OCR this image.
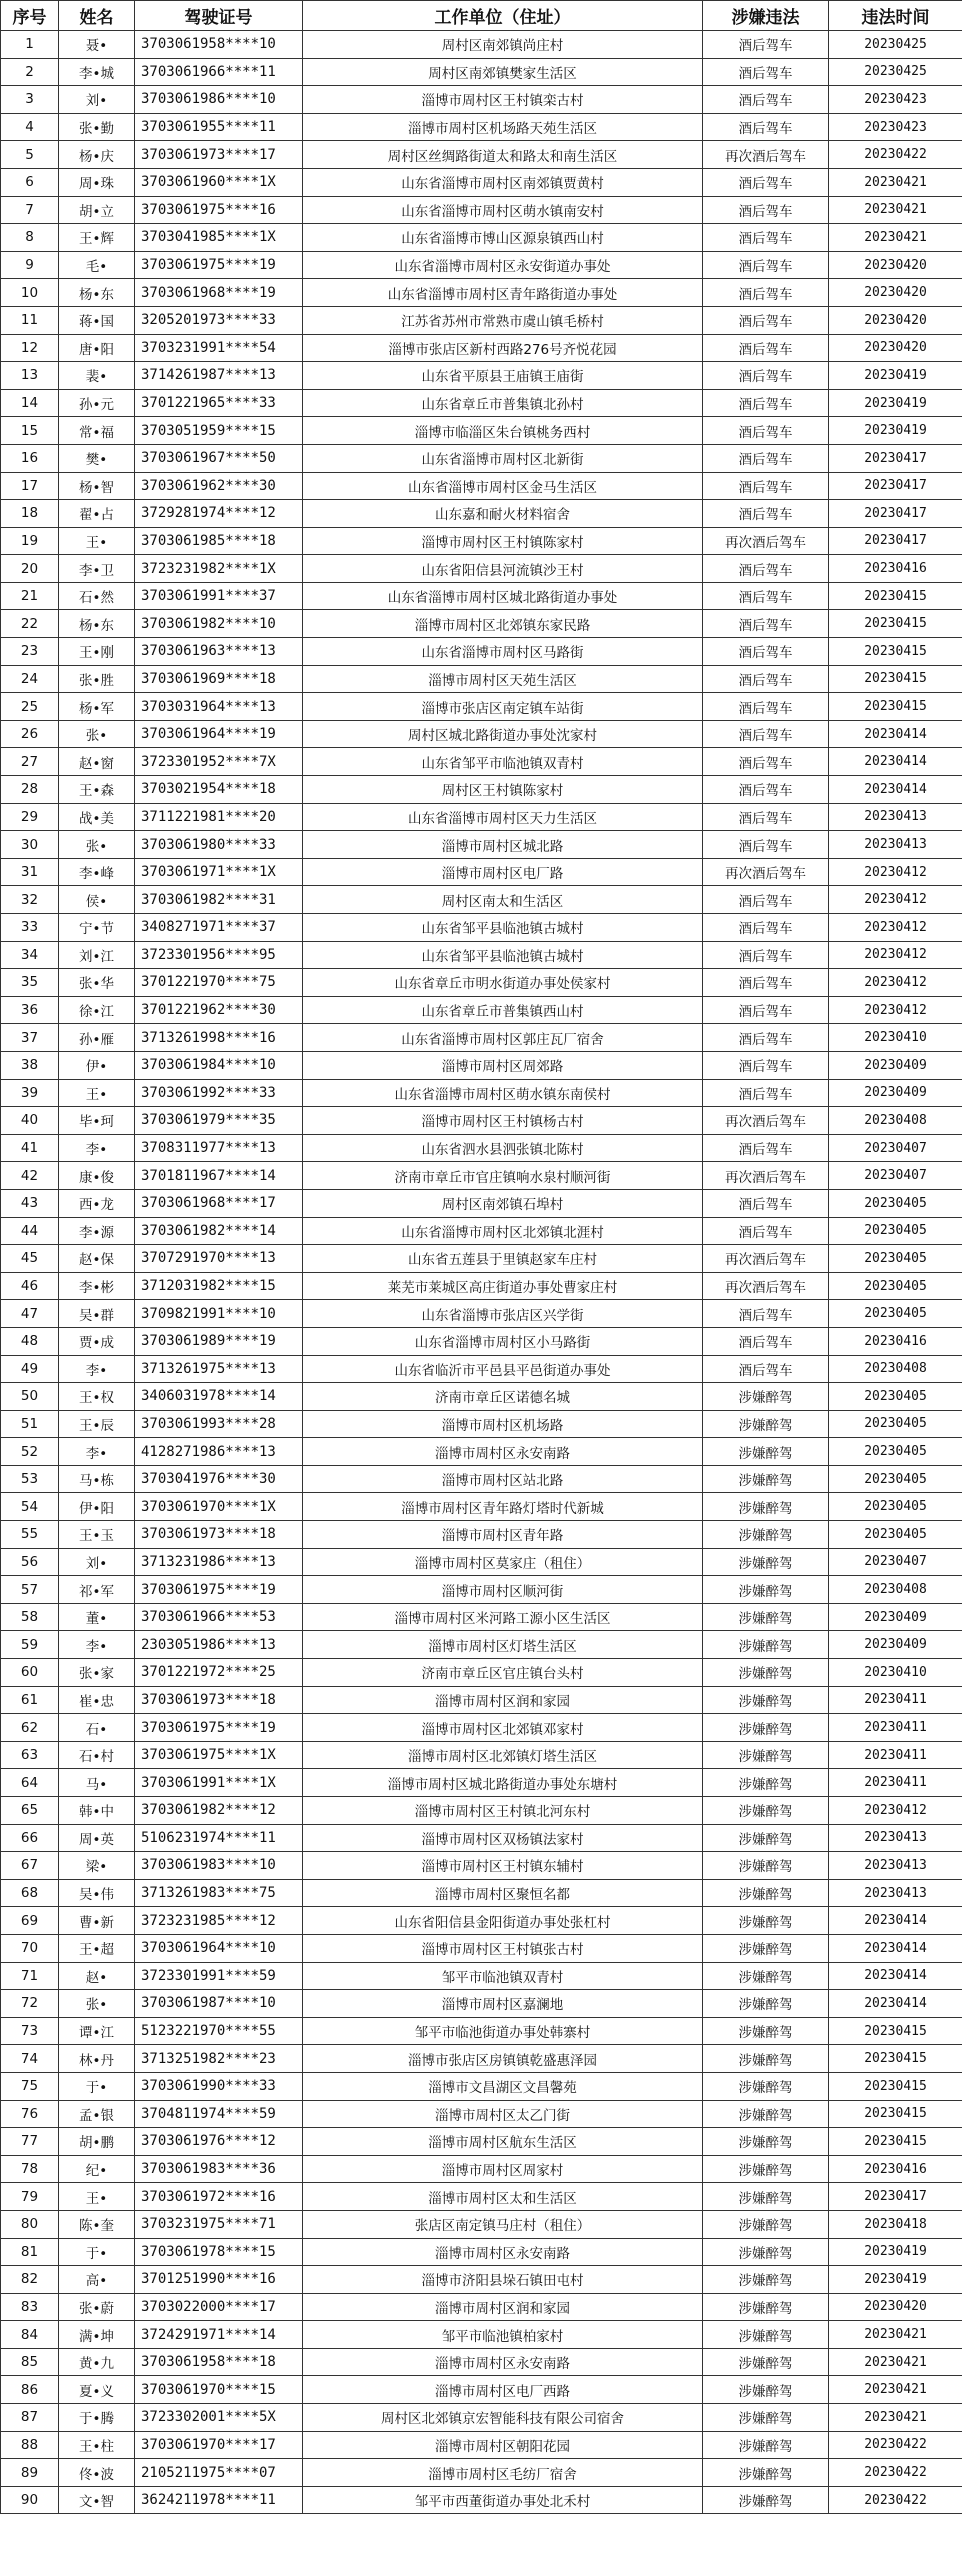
序号	姓名	驾驶证号	工作单位（住址）	涉嫌违法	违法时间
1	聂•	3703061958****10	周村区南郊镇尚庄村	酒后驾车	20230425
2	李•城	3703061966****11	周村区南郊镇樊家生活区	酒后驾车	20230425
3	刘•	3703061986****10	淄博市周村区王村镇栾古村	酒后驾车	20230423
4	张•勤	3703061955****11	淄博市周村区机场路天苑生活区	酒后驾车	20230423
5	杨•庆	3703061973****17	周村区丝绸路街道太和路太和南生活区	再次酒后驾车	20230422
6	周•珠	3703061960****1X	山东省淄博市周村区南郊镇贾黄村	酒后驾车	20230421
7	胡•立	3703061975****16	山东省淄博市周村区萌水镇南安村	酒后驾车	20230421
8	王•辉	3703041985****1X	山东省淄博市博山区源泉镇西山村	酒后驾车	20230421
9	毛•	3703061975****19	山东省淄博市周村区永安街道办事处	酒后驾车	20230420
10	杨•东	3703061968****19	山东省淄博市周村区青年路街道办事处	酒后驾车	20230420
11	蒋•国	3205201973****33	江苏省苏州市常熟市虞山镇毛桥村	酒后驾车	20230420
12	唐•阳	3703231991****54	淄博市张店区新村西路276号齐悦花园	酒后驾车	20230420
13	裴•	3714261987****13	山东省平原县王庙镇王庙街	酒后驾车	20230419
14	孙•元	3701221965****33	山东省章丘市普集镇北孙村	酒后驾车	20230419
15	常•福	3703051959****15	淄博市临淄区朱台镇桃务西村	酒后驾车	20230419
16	樊•	3703061967****50	山东省淄博市周村区北新街	酒后驾车	20230417
17	杨•智	3703061962****30	山东省淄博市周村区金马生活区	酒后驾车	20230417
18	翟•占	3729281974****12	山东嘉和耐火材料宿舍	酒后驾车	20230417
19	王•	3703061985****18	淄博市周村区王村镇陈家村	再次酒后驾车	20230417
20	李•卫	3723231982****1X	山东省阳信县河流镇沙王村	酒后驾车	20230416
21	石•然	3703061991****37	山东省淄博市周村区城北路街道办事处	酒后驾车	20230415
22	杨•东	3703061982****10	淄博市周村区北郊镇东家民路	酒后驾车	20230415
23	王•刚	3703061963****13	山东省淄博市周村区马路街	酒后驾车	20230415
24	张•胜	3703061969****18	淄博市周村区天苑生活区	酒后驾车	20230415
25	杨•军	3703031964****13	淄博市张店区南定镇车站街	酒后驾车	20230415
26	张•	3703061964****19	周村区城北路街道办事处沈家村	酒后驾车	20230414
27	赵•窗	3723301952****7X	山东省邹平市临池镇双青村	酒后驾车	20230414
28	王•森	3703021954****18	周村区王村镇陈家村	酒后驾车	20230414
29	战•美	3711221981****20	山东省淄博市周村区天力生活区	酒后驾车	20230413
30	张•	3703061980****33	淄博市周村区城北路	酒后驾车	20230413
31	李•峰	3703061971****1X	淄博市周村区电厂路	再次酒后驾车	20230412
32	侯•	3703061982****31	周村区南太和生活区	酒后驾车	20230412
33	宁•节	3408271971****37	山东省邹平县临池镇古城村	酒后驾车	20230412
34	刘•江	3723301956****95	山东省邹平县临池镇古城村	酒后驾车	20230412
35	张•华	3701221970****75	山东省章丘市明水街道办事处侯家村	酒后驾车	20230412
36	徐•江	3701221962****30	山东省章丘市普集镇西山村	酒后驾车	20230412
37	孙•雁	3713261998****16	山东省淄博市周村区郭庄瓦厂宿舍	酒后驾车	20230410
38	伊•	3703061984****10	淄博市周村区周郊路	酒后驾车	20230409
39	王•	3703061992****33	山东省淄博市周村区萌水镇东南侯村	酒后驾车	20230409
40	毕•珂	3703061979****35	淄博市周村区王村镇杨古村	再次酒后驾车	20230408
41	李•	3708311977****13	山东省泗水县泗张镇北陈村	酒后驾车	20230407
42	康•俊	3701811967****14	济南市章丘市官庄镇响水泉村顺河街	再次酒后驾车	20230407
43	西•龙	3703061968****17	周村区南郊镇石埠村	酒后驾车	20230405
44	李•源	3703061982****14	山东省淄博市周村区北郊镇北涯村	酒后驾车	20230405
45	赵•保	3707291970****13	山东省五莲县于里镇赵家车庄村	再次酒后驾车	20230405
46	李•彬	3712031982****15	莱芜市莱城区高庄街道办事处曹家庄村	再次酒后驾车	20230405
47	吴•群	3709821991****10	山东省淄博市张店区兴学街	酒后驾车	20230405
48	贾•成	3703061989****19	山东省淄博市周村区小马路街	酒后驾车	20230416
49	李•	3713261975****13	山东省临沂市平邑县平邑街道办事处	酒后驾车	20230408
50	王•权	3406031978****14	济南市章丘区诺德名城	涉嫌醉驾	20230405
51	王•辰	3703061993****28	淄博市周村区机场路	涉嫌醉驾	20230405
52	李•	4128271986****13	淄博市周村区永安南路	涉嫌醉驾	20230405
53	马•栋	3703041976****30	淄博市周村区站北路	涉嫌醉驾	20230405
54	伊•阳	3703061970****1X	淄博市周村区青年路灯塔时代新城	涉嫌醉驾	20230405
55	王•玉	3703061973****18	淄博市周村区青年路	涉嫌醉驾	20230405
56	刘•	3713231986****13	淄博市周村区莫家庄（租住）	涉嫌醉驾	20230407
57	祁•军	3703061975****19	淄博市周村区顺河街	涉嫌醉驾	20230408
58	董•	3703061966****53	淄博市周村区米河路工源小区生活区	涉嫌醉驾	20230409
59	李•	2303051986****13	淄博市周村区灯塔生活区	涉嫌醉驾	20230409
60	张•家	3701221972****25	济南市章丘区官庄镇台头村	涉嫌醉驾	20230410
61	崔•忠	3703061973****18	淄博市周村区润和家园	涉嫌醉驾	20230411
62	石•	3703061975****19	淄博市周村区北郊镇邓家村	涉嫌醉驾	20230411
63	石•村	3703061975****1X	淄博市周村区北郊镇灯塔生活区	涉嫌醉驾	20230411
64	马•	3703061991****1X	淄博市周村区城北路街道办事处东塘村	涉嫌醉驾	20230411
65	韩•中	3703061982****12	淄博市周村区王村镇北河东村	涉嫌醉驾	20230412
66	周•英	5106231974****11	淄博市周村区双杨镇法家村	涉嫌醉驾	20230413
67	梁•	3703061983****10	淄博市周村区王村镇东辅村	涉嫌醉驾	20230413
68	吴•伟	3713261983****75	淄博市周村区聚恒名都	涉嫌醉驾	20230413
69	曹•新	3723231985****12	山东省阳信县金阳街道办事处张杠村	涉嫌醉驾	20230414
70	王•超	3703061964****10	淄博市周村区王村镇张古村	涉嫌醉驾	20230414
71	赵•	3723301991****59	邹平市临池镇双青村	涉嫌醉驾	20230414
72	张•	3703061987****10	淄博市周村区嘉澜地	涉嫌醉驾	20230414
73	谭•江	5123221970****55	邹平市临池街道办事处韩寨村	涉嫌醉驾	20230415
74	林•丹	3713251982****23	淄博市张店区房镇镇乾盛惠泽园	涉嫌醉驾	20230415
75	于•	3703061990****33	淄博市文昌湖区文昌馨苑	涉嫌醉驾	20230415
76	孟•银	3704811974****59	淄博市周村区太乙门街	涉嫌醉驾	20230415
77	胡•鹏	3703061976****12	淄博市周村区航东生活区	涉嫌醉驾	20230415
78	纪•	3703061983****36	淄博市周村区周家村	涉嫌醉驾	20230416
79	王•	3703061972****16	淄博市周村区太和生活区	涉嫌醉驾	20230417
80	陈•奎	3703231975****71	张店区南定镇马庄村（租住）	涉嫌醉驾	20230418
81	于•	3703061978****15	淄博市周村区永安南路	涉嫌醉驾	20230419
82	高•	3701251990****16	淄博市济阳县垛石镇田屯村	涉嫌醉驾	20230419
83	张•蔚	3703022000****17	淄博市周村区润和家园	涉嫌醉驾	20230420
84	满•坤	3724291971****14	邹平市临池镇柏家村	涉嫌醉驾	20230421
85	黄•九	3703061958****18	淄博市周村区永安南路	涉嫌醉驾	20230421
86	夏•义	3703061970****15	淄博市周村区电厂西路	涉嫌醉驾	20230421
87	于•腾	3723302001****5X	周村区北郊镇京宏智能科技有限公司宿舍	涉嫌醉驾	20230421
88	王•柱	3703061970****17	淄博市周村区朝阳花园	涉嫌醉驾	20230422
89	佟•波	2105211975****07	淄博市周村区毛纺厂宿舍	涉嫌醉驾	20230422
90	文•智	3624211978****11	邹平市西董街道办事处北禾村	涉嫌醉驾	20230422
